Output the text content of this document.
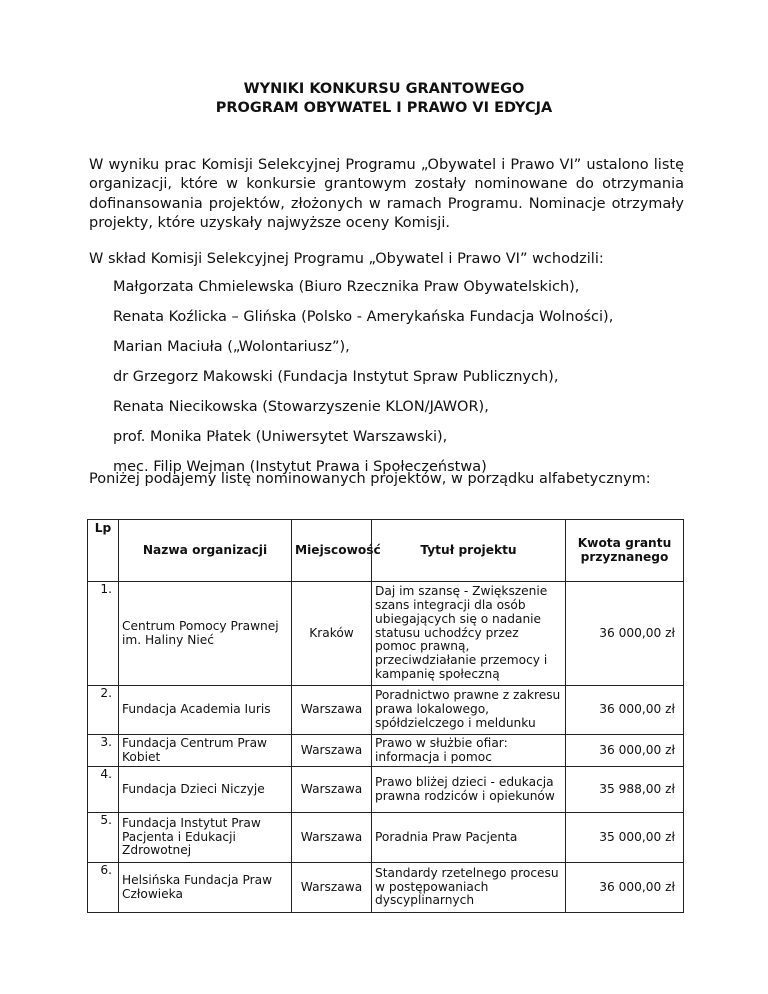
WYNIKI KONKURSU GRANTOWEGO
PROGRAM OBYWATEL I PRAWO VI EDYCJA
W wyniku prac Komisji Selekcyjnej Programu „Obywatel i Prawo VI” ustalono listę organizacji, które w konkursie grantowym zostały nominowane do otrzymania dofinansowania projektów, złożonych w ramach Programu. Nominacje otrzymały projekty, które uzyskały najwyższe oceny Komisji.
W skład Komisji Selekcyjnej Programu „Obywatel i Prawo VI” wchodzili:
Małgorzata Chmielewska (Biuro Rzecznika Praw Obywatelskich),
Renata Koźlicka – Glińska (Polsko - Amerykańska Fundacja Wolności),
Marian Maciuła („Wolontariusz”),
dr Grzegorz Makowski (Fundacja Instytut Spraw Publicznych),
Renata Niecikowska (Stowarzyszenie KLON/JAWOR),
prof. Monika Płatek (Uniwersytet Warszawski),
mec. Filip Wejman (Instytut Prawa i Społeczeństwa)
Poniżej podajemy listę nominowanych projektów, w porządku alfabetycznym:
Lp	Nazwa organizacji	Miejscowość	Tytuł projektu	Kwota grantu przyznanego
1.	Centrum Pomocy Prawnej im. Haliny Nieć	Kraków	Daj im szansę - Zwiększenie szans integracji dla osób ubiegających się o nadanie statusu uchodźcy przez pomoc prawną, przeciwdziałanie przemocy i kampanię społeczną	36 000,00 zł
2.	Fundacja Academia Iuris	Warszawa	Poradnictwo prawne z zakresu prawa lokalowego, spółdzielczego i meldunku	36 000,00 zł
3.	Fundacja Centrum Praw Kobiet	Warszawa	Prawo w służbie ofiar: informacja i pomoc	36 000,00 zł
4.	Fundacja Dzieci Niczyje	Warszawa	Prawo bliżej dzieci - edukacja prawna rodziców i opiekunów	35 988,00 zł
5.	Fundacja Instytut Praw Pacjenta i Edukacji Zdrowotnej	Warszawa	Poradnia Praw Pacjenta	35 000,00 zł
6.	Helsińska Fundacja Praw Człowieka	Warszawa	Standardy rzetelnego procesu w postępowaniach dyscyplinarnych	36 000,00 zł
